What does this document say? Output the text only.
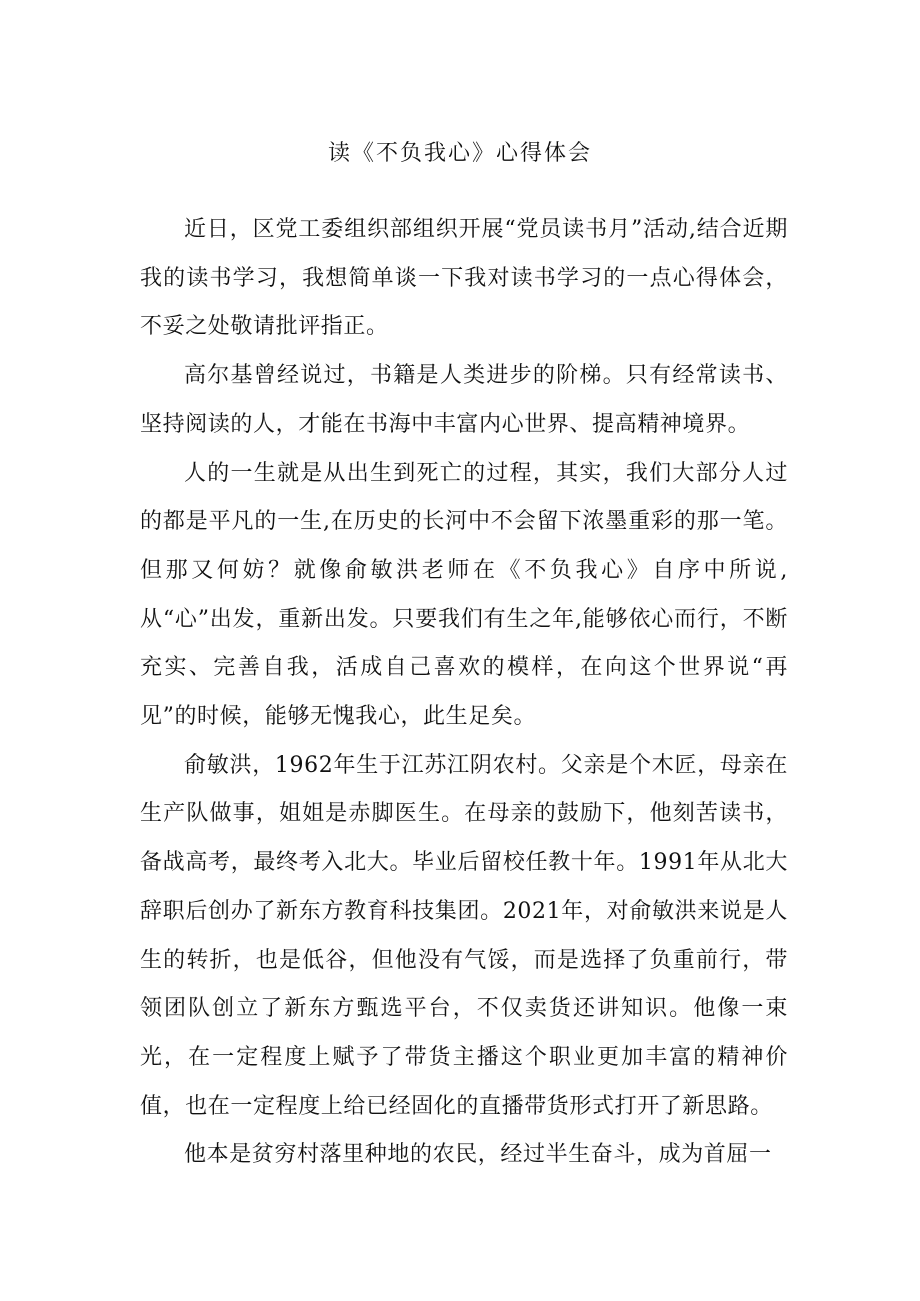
读《不负我心》心得体会

近日，区党工委组织部组织开展“党员读书月”活动,结合近期我的读书学习，我想简单谈一下我对读书学习的一点心得体会，不妥之处敬请批评指正。

高尔基曾经说过，书籍是人类进步的阶梯。只有经常读书、坚持阅读的人，才能在书海中丰富内心世界、提高精神境界。

人的一生就是从出生到死亡的过程，其实，我们大部分人过的都是平凡的一生,在历史的长河中不会留下浓墨重彩的那一笔。但那又何妨？就像俞敏洪老师在《不负我心》自序中所说,从“心”出发，重新出发。只要我们有生之年,能够依心而行，不断充实、完善自我，活成自己喜欢的模样，在向这个世界说“再见”的时候，能够无愧我心，此生足矣。

俞敏洪，1962年生于江苏江阴农村。父亲是个木匠，母亲在生产队做事，姐姐是赤脚医生。在母亲的鼓励下，他刻苦读书，备战高考，最终考入北大。毕业后留校任教十年。1991年从北大辞职后创办了新东方教育科技集团。2021年，对俞敏洪来说是人生的转折，也是低谷，但他没有气馁，而是选择了负重前行，带领团队创立了新东方甄选平台，不仅卖货还讲知识。他像一束光，在一定程度上赋予了带货主播这个职业更加丰富的精神价值，也在一定程度上给已经固化的直播带货形式打开了新思路。

他本是贫穷村落里种地的农民，经过半生奋斗，成为首屈一
